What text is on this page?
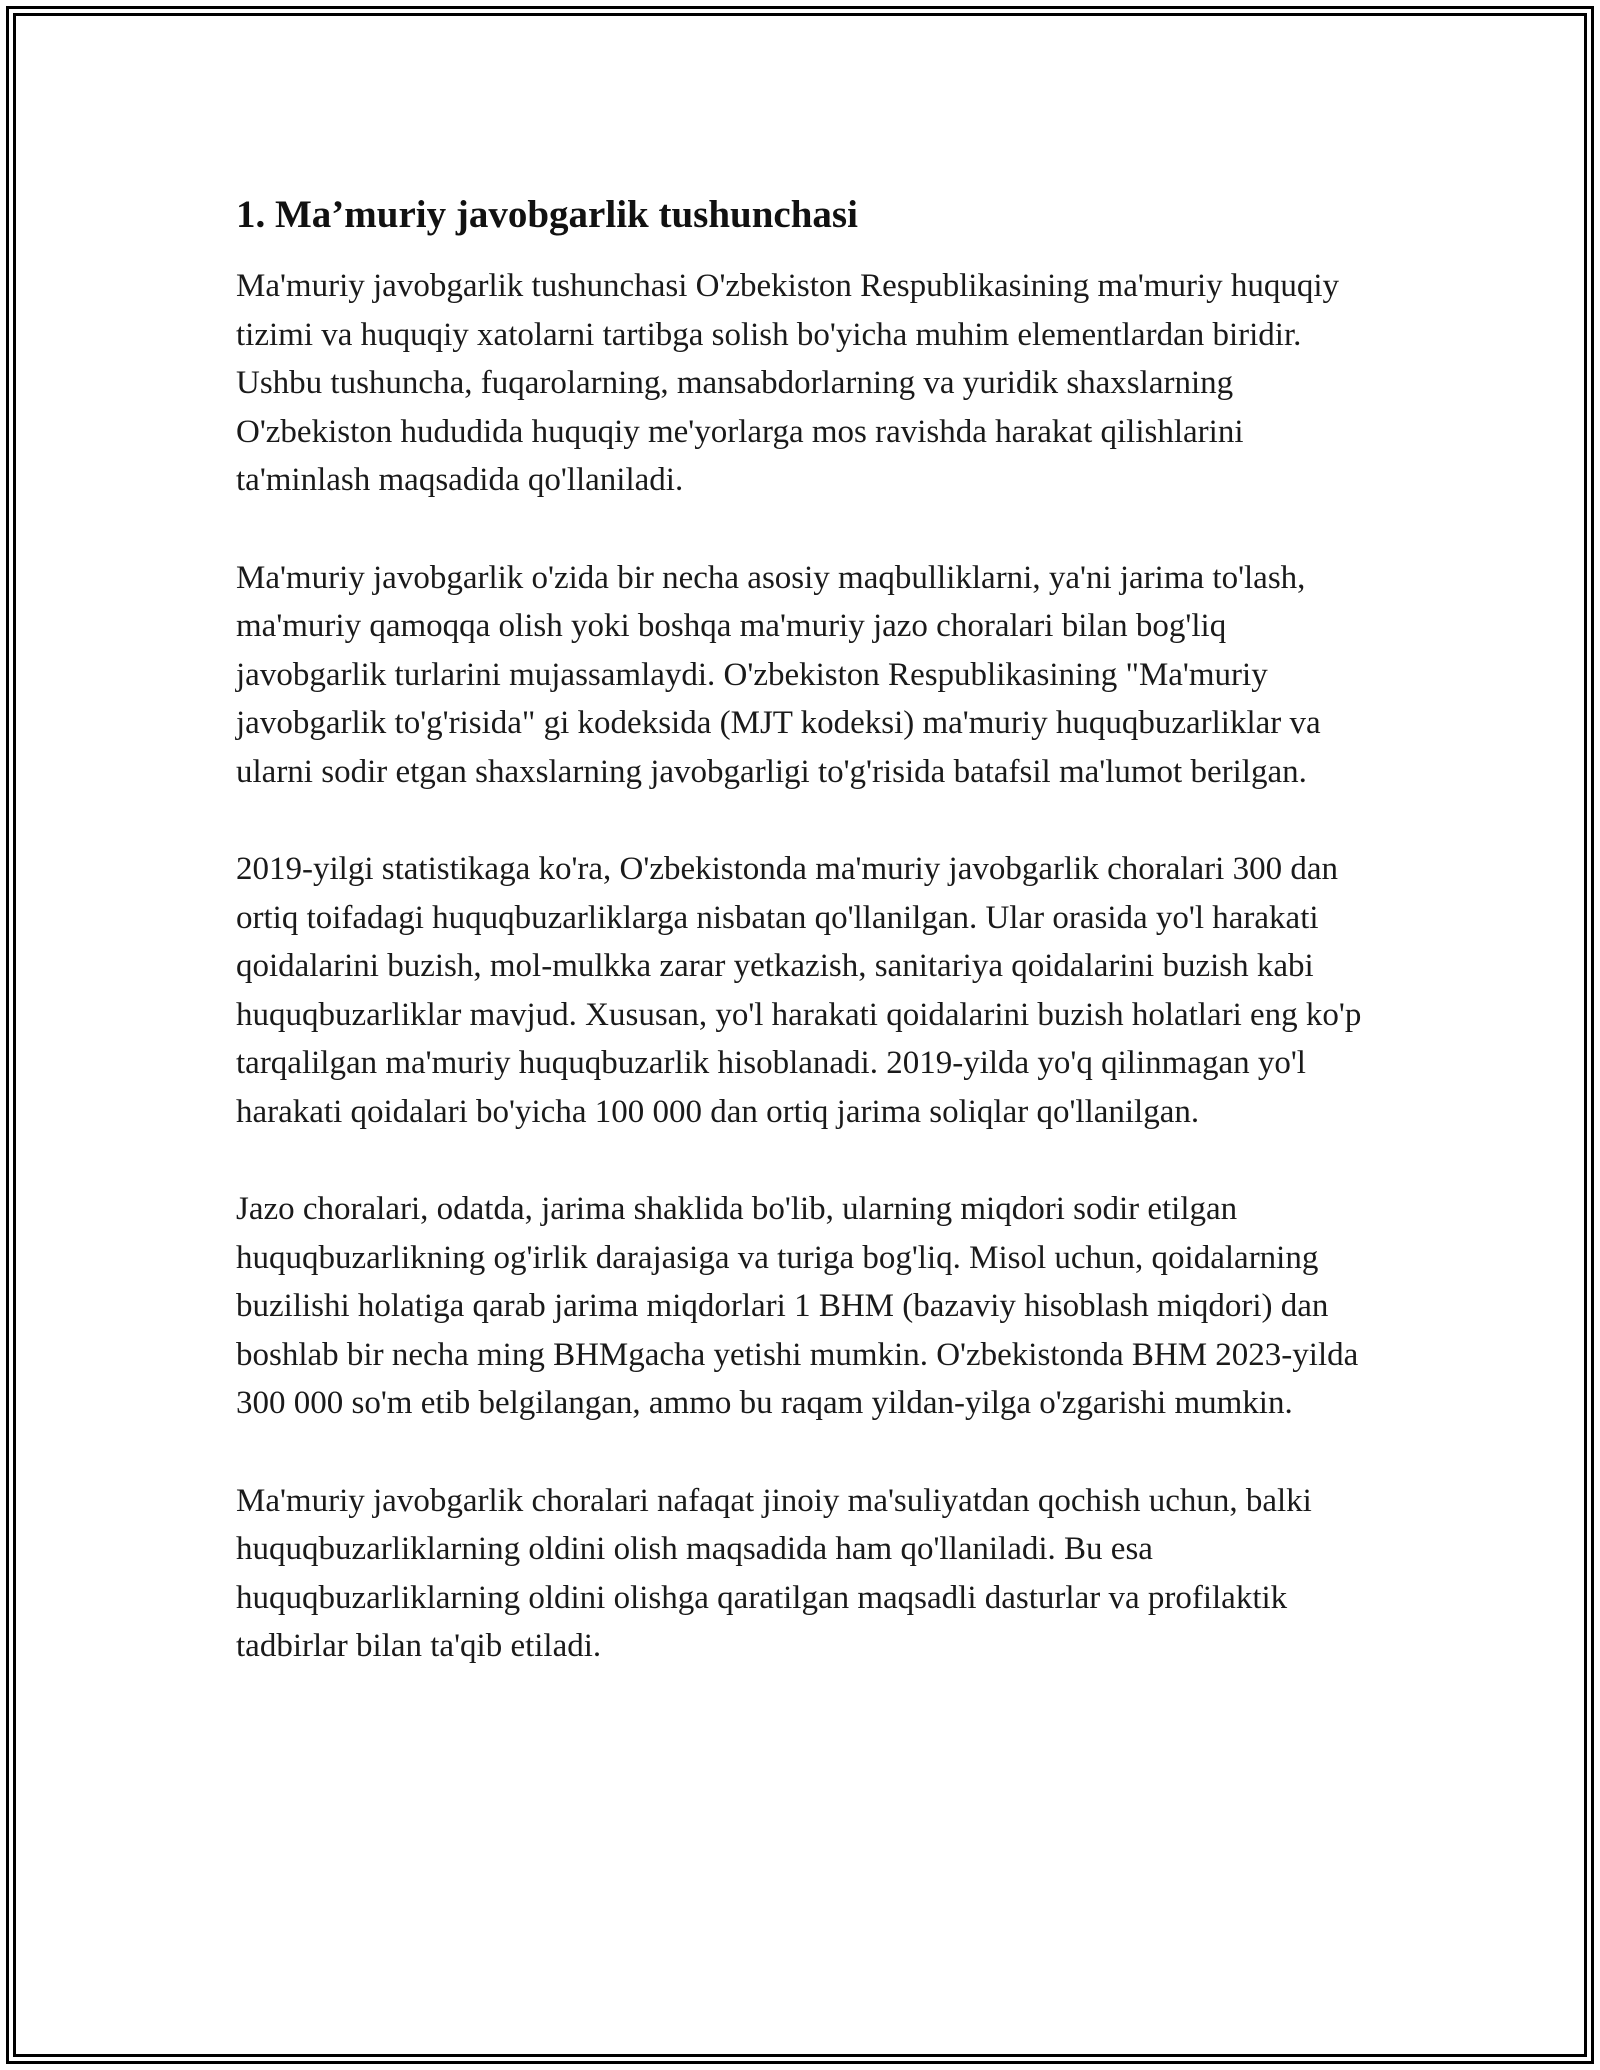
1. Ma’muriy javobgarlik tushunchasi

Ma'muriy javobgarlik tushunchasi O'zbekiston Respublikasining ma'muriy huquqiy tizimi va huquqiy xatolarni tartibga solish bo'yicha muhim elementlardan biridir. Ushbu tushuncha, fuqarolarning, mansabdorlarning va yuridik shaxslarning O'zbekiston hududida huquqiy me'yorlarga mos ravishda harakat qilishlarini ta'minlash maqsadida qo'llaniladi.

Ma'muriy javobgarlik o'zida bir necha asosiy maqbulliklarni, ya'ni jarima to'lash, ma'muriy qamoqqa olish yoki boshqa ma'muriy jazo choralari bilan bog'liq javobgarlik turlarini mujassamlaydi. O'zbekiston Respublikasining "Ma'muriy javobgarlik to'g'risida" gi kodeksida (MJT kodeksi) ma'muriy huquqbuzarliklar va ularni sodir etgan shaxslarning javobgarligi to'g'risida batafsil ma'lumot berilgan.

2019-yilgi statistikaga ko'ra, O'zbekistonda ma'muriy javobgarlik choralari 300 dan ortiq toifadagi huquqbuzarliklarga nisbatan qo'llanilgan. Ular orasida yo'l harakati qoidalarini buzish, mol-mulkka zarar yetkazish, sanitariya qoidalarini buzish kabi huquqbuzarliklar mavjud. Xususan, yo'l harakati qoidalarini buzish holatlari eng ko'p tarqalilgan ma'muriy huquqbuzarlik hisoblanadi. 2019-yilda yo'q qilinmagan yo'l harakati qoidalari bo'yicha 100 000 dan ortiq jarima soliqlar qo'llanilgan.

Jazo choralari, odatda, jarima shaklida bo'lib, ularning miqdori sodir etilgan huquqbuzarlikning og'irlik darajasiga va turiga bog'liq. Misol uchun, qoidalarning buzilishi holatiga qarab jarima miqdorlari 1 BHM (bazaviy hisoblash miqdori) dan boshlab bir necha ming BHMgacha yetishi mumkin. O'zbekistonda BHM 2023-yilda 300 000 so'm etib belgilangan, ammo bu raqam yildan-yilga o'zgarishi mumkin.

Ma'muriy javobgarlik choralari nafaqat jinoiy ma'suliyatdan qochish uchun, balki huquqbuzarliklarning oldini olish maqsadida ham qo'llaniladi. Bu esa huquqbuzarliklarning oldini olishga qaratilgan maqsadli dasturlar va profilaktik tadbirlar bilan ta'qib etiladi.
